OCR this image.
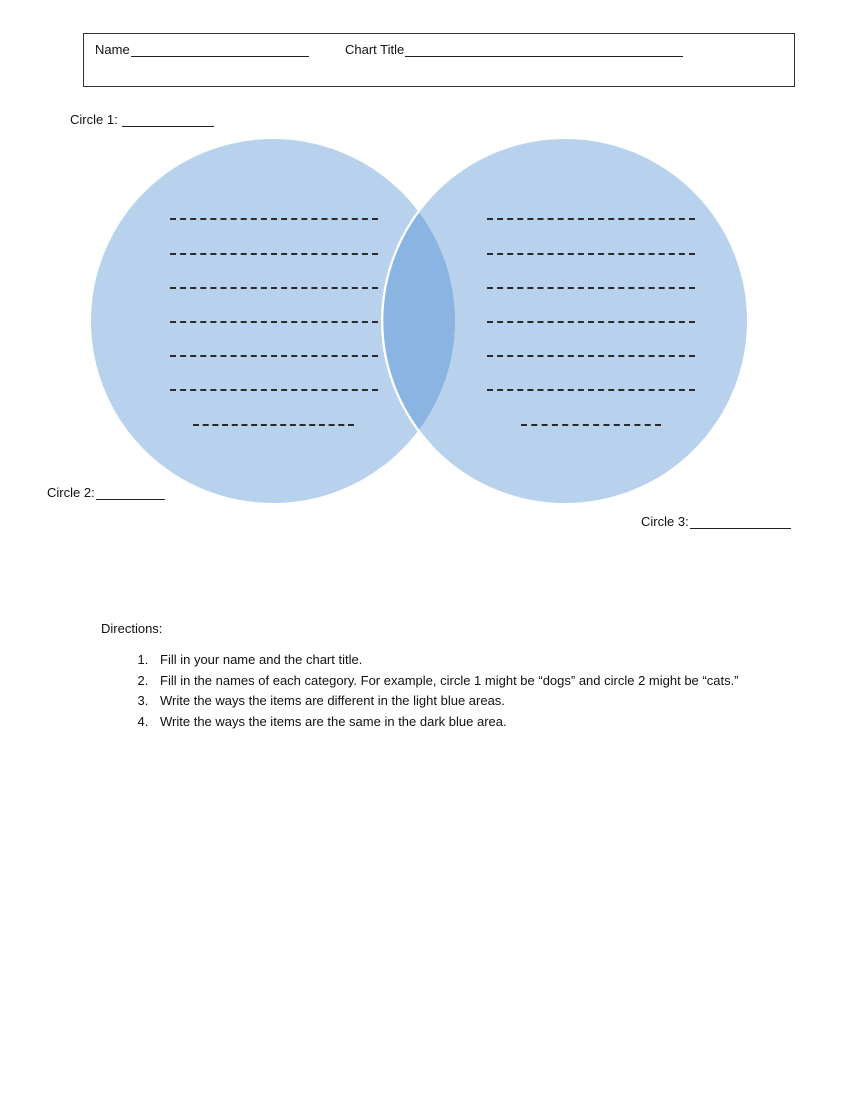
Name	Chart Title
Circle 1:
Circle 2:
Circle 3:

Directions:

1. Fill in your name and the chart title.
2. Fill in the names of each category. For example, circle 1 might be “dogs” and circle 2 might be “cats.”
3. Write the ways the items are different in the light blue areas.
4. Write the ways the items are the same in the dark blue area.
